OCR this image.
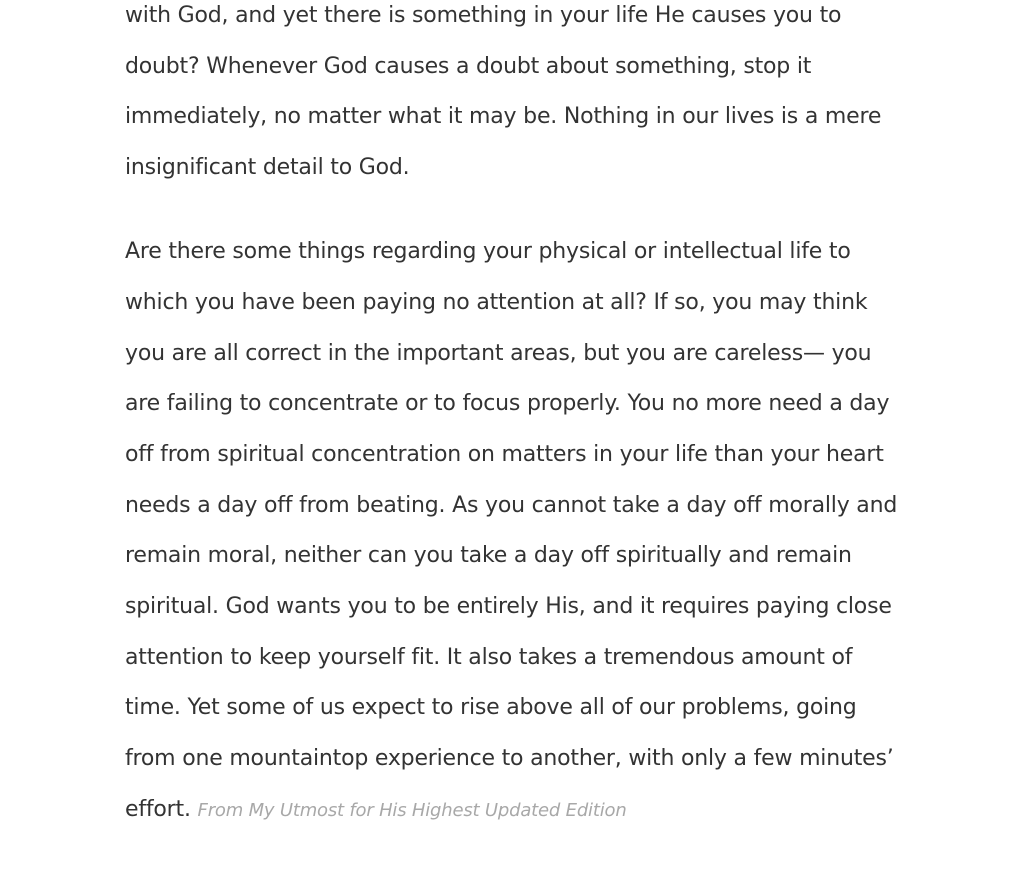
with God, and yet there is something in your life He causes you to
doubt? Whenever God causes a doubt about something, stop it
immediately, no matter what it may be. Nothing in our lives is a mere
insignificant detail to God.
Are there some things regarding your physical or intellectual life to
which you have been paying no attention at all? If so, you may think
you are all correct in the important areas, but you are careless— you
are failing to concentrate or to focus properly. You no more need a day
off from spiritual concentration on matters in your life than your heart
needs a day off from beating. As you cannot take a day off morally and
remain moral, neither can you take a day off spiritually and remain
spiritual. God wants you to be entirely His, and it requires paying close
attention to keep yourself fit. It also takes a tremendous amount of
time. Yet some of us expect to rise above all of our problems, going
from one mountaintop experience to another, with only a few minutes’
effort. From My Utmost for His Highest Updated Edition
